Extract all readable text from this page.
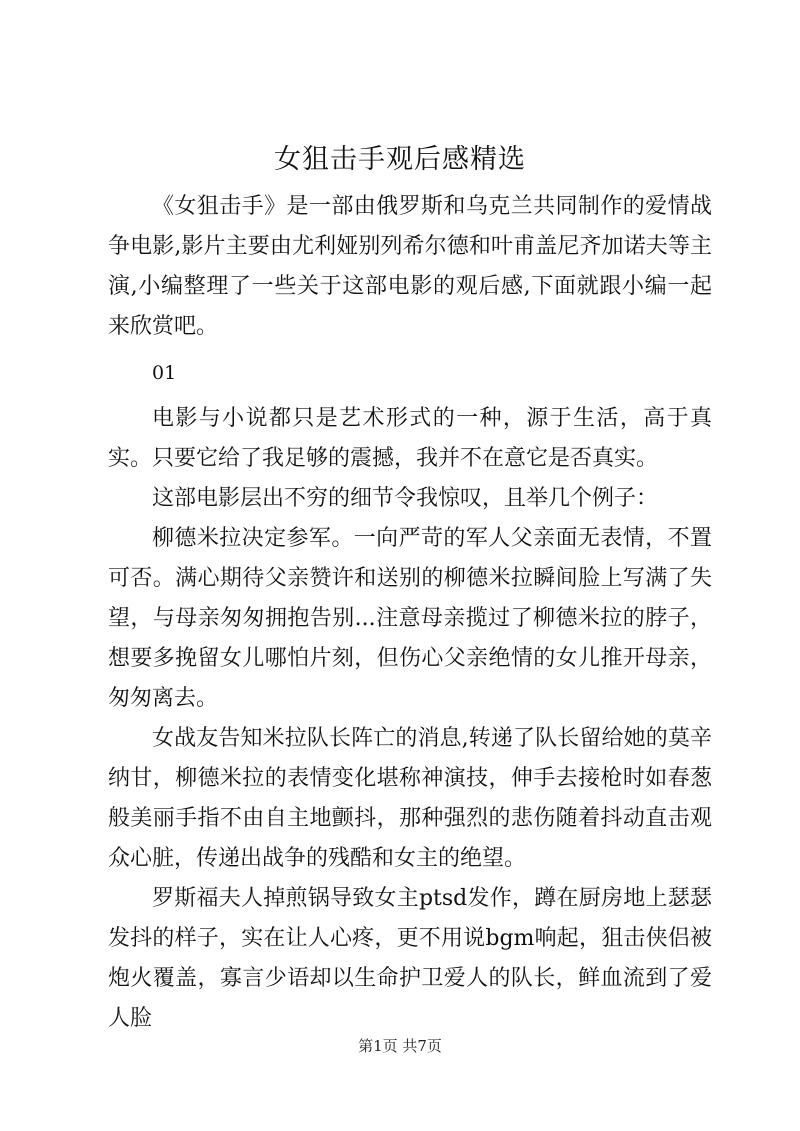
女狙击手观后感精选

《女狙击手》是一部由俄罗斯和乌克兰共同制作的爱情战争电影,影片主要由尤利娅别列希尔德和叶甫盖尼齐加诺夫等主演,小编整理了一些关于这部电影的观后感,下面就跟小编一起来欣赏吧。

01

电影与小说都只是艺术形式的一种，源于生活，高于真实。只要它给了我足够的震撼，我并不在意它是否真实。

这部电影层出不穷的细节令我惊叹，且举几个例子：

柳德米拉决定参军。一向严苛的军人父亲面无表情，不置可否。满心期待父亲赞许和送别的柳德米拉瞬间脸上写满了失望，与母亲匆匆拥抱告别...注意母亲揽过了柳德米拉的脖子，想要多挽留女儿哪怕片刻，但伤心父亲绝情的女儿推开母亲，匆匆离去。

女战友告知米拉队长阵亡的消息,转递了队长留给她的莫辛纳甘，柳德米拉的表情变化堪称神演技，伸手去接枪时如春葱般美丽手指不由自主地颤抖，那种强烈的悲伤随着抖动直击观众心脏，传递出战争的残酷和女主的绝望。

罗斯福夫人掉煎锅导致女主ptsd发作，蹲在厨房地上瑟瑟发抖的样子，实在让人心疼，更不用说bgm响起，狙击侠侣被炮火覆盖，寡言少语却以生命护卫爱人的队长，鲜血流到了爱人脸

第1页 共7页
